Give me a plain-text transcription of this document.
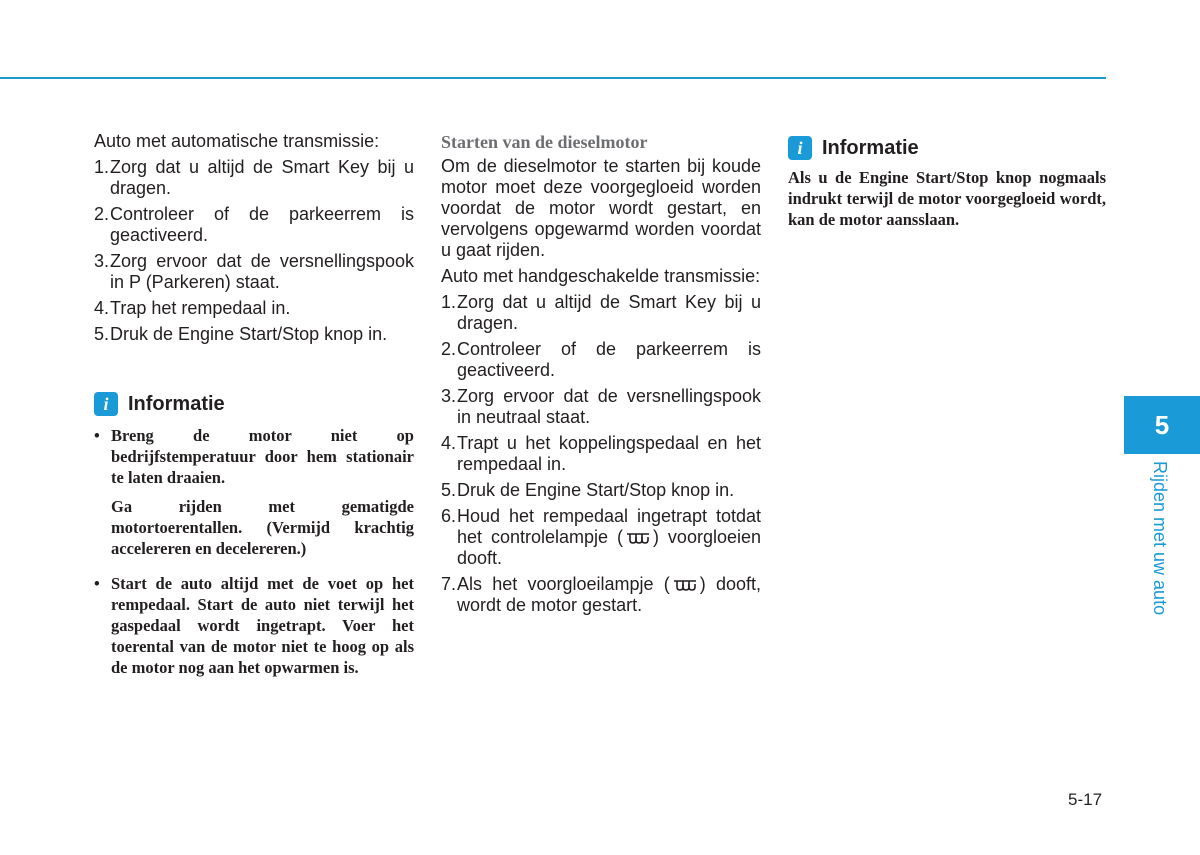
Auto met automatische transmissie:

1. Zorg dat u altijd de Smart Key bij u dragen.
2. Controleer of de parkeerrem is geactiveerd.
3. Zorg ervoor dat de versnellingspook in P (Parkeren) staat.
4. Trap het rempedaal in.
5. Druk de Engine Start/Stop knop in.
i Informatie
• Breng de motor niet op bedrijfstemperatuur door hem stationair te laten draaien.

Ga rijden met gematigde motortoerentallen. (Vermijd krachtig accelereren en decelereren.)

• Start de auto altijd met de voet op het rempedaal. Start de auto niet terwijl het gaspedaal wordt ingetrapt. Voer het toerental van de motor niet te hoog op als de motor nog aan het opwarmen is.

Starten van de dieselmotor

Om de dieselmotor te starten bij koude motor moet deze voorgegloeid worden voordat de motor wordt gestart, en vervolgens opgewarmd worden voordat u gaat rijden.

Auto met handgeschakelde transmissie:

1. Zorg dat u altijd de Smart Key bij u dragen.
2. Controleer of de parkeerrem is geactiveerd.
3. Zorg ervoor dat de versnellingspook in neutraal staat.
4. Trapt u het koppelingspedaal en het rempedaal in.
5. Druk de Engine Start/Stop knop in.
6. Houd het rempedaal ingetrapt totdat het controlelampje ( ) voorgloeien dooft.
7. Als het voorgloeilampje ( ) dooft, wordt de motor gestart.
i Informatie

Als u de Engine Start/Stop knop nogmaals indrukt terwijl de motor voorgegloeid wordt, kan de motor aansslaan.

5
Rijden met uw auto
5-17
